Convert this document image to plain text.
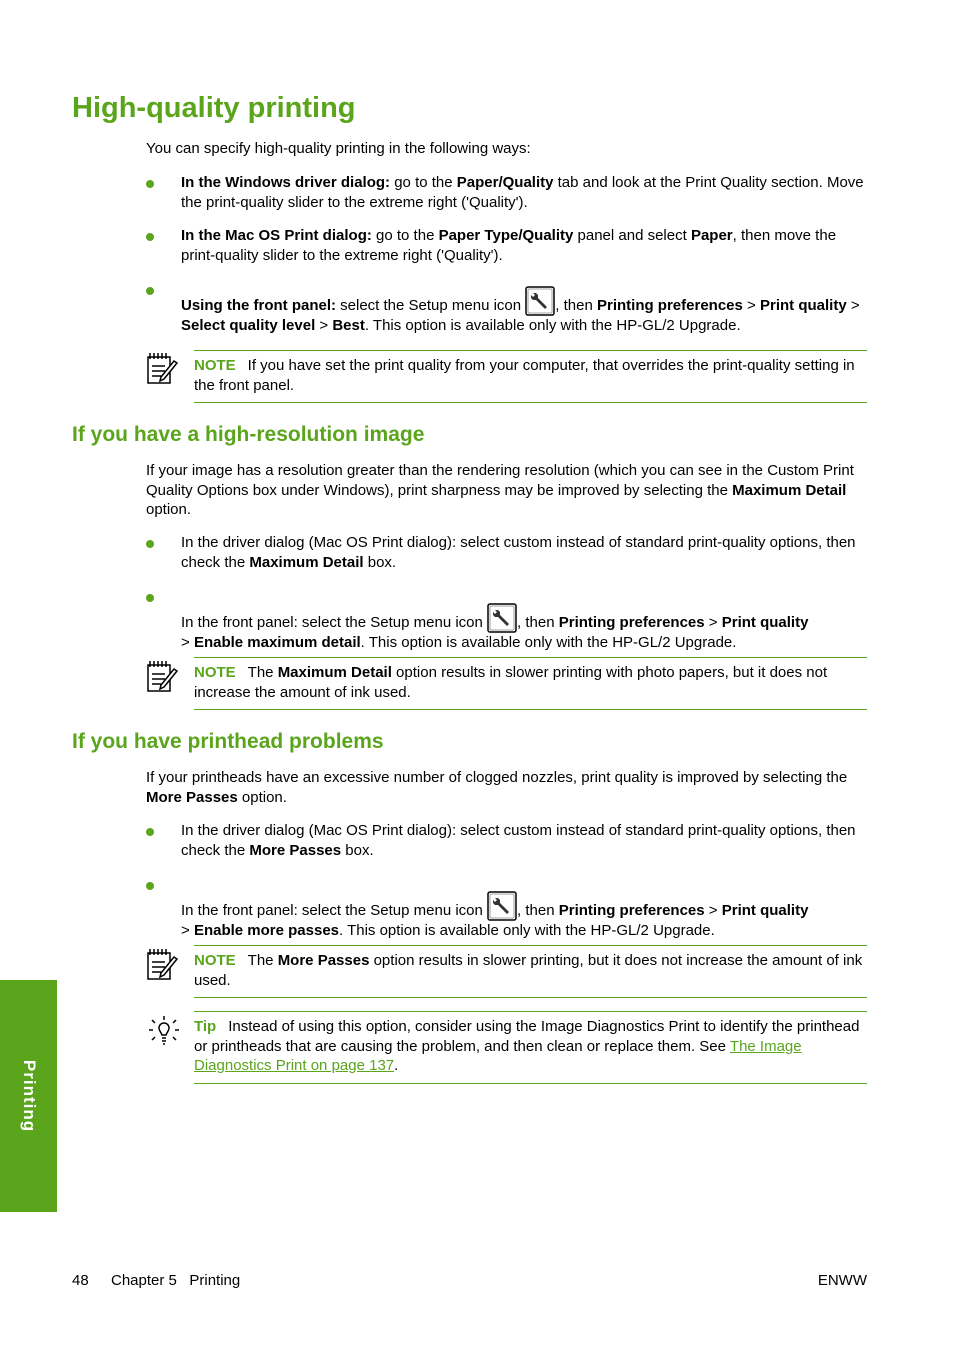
High-quality printing

You can specify high-quality printing in the following ways:

In the Windows driver dialog: go to the Paper/Quality tab and look at the Print Quality section. Move the print-quality slider to the extreme right ('Quality').

In the Mac OS Print dialog: go to the Paper Type/Quality panel and select Paper, then move the print-quality slider to the extreme right ('Quality').

Using the front panel: select the Setup menu icon , then Printing preferences > Print quality > Select quality level > Best. This option is available only with the HP-GL/2 Upgrade.

NOTE If you have set the print quality from your computer, that overrides the print-quality setting in the front panel.
If you have a high-resolution image

If your image has a resolution greater than the rendering resolution (which you can see in the Custom Print Quality Options box under Windows), print sharpness may be improved by selecting the Maximum Detail option.

In the driver dialog (Mac OS Print dialog): select custom instead of standard print-quality options, then check the Maximum Detail box.

In the front panel: select the Setup menu icon , then Printing preferences > Print quality
> Enable maximum detail. This option is available only with the HP-GL/2 Upgrade.

NOTE The Maximum Detail option results in slower printing with photo papers, but it does not increase the amount of ink used.
If you have printhead problems

If your printheads have an excessive number of clogged nozzles, print quality is improved by selecting the More Passes option.

In the driver dialog (Mac OS Print dialog): select custom instead of standard print-quality options, then check the More Passes box.

In the front panel: select the Setup menu icon , then Printing preferences > Print quality
> Enable more passes. This option is available only with the HP-GL/2 Upgrade.

NOTE The More Passes option results in slower printing, but it does not increase the amount of ink used.
Tip Instead of using this option, consider using the Image Diagnostics Print to identify the printhead or printheads that are causing the problem, and then clean or replace them. See The Image Diagnostics Print on page 137.
Printing
48 Chapter 5   Printing	ENWW
